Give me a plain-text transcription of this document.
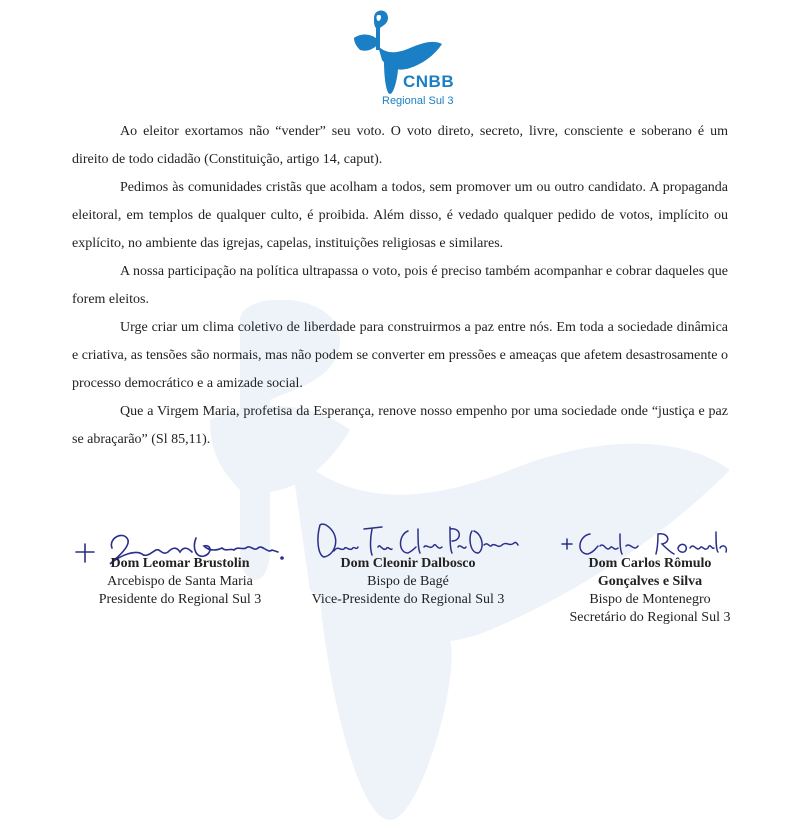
CNBB
Regional Sul 3

Ao eleitor exortamos não “vender” seu voto. O voto direto, secreto, livre, consciente e soberano é um direito de todo cidadão (Constituição, artigo 14, caput).

Pedimos às comunidades cristãs que acolham a todos, sem promover um ou outro candidato. A propaganda eleitoral, em templos de qualquer culto, é proibida. Além disso, é vedado qualquer pedido de votos, implícito ou explícito, no ambiente das igrejas, capelas, instituições religiosas e similares.

A nossa participação na política ultrapassa o voto, pois é preciso também acompanhar e cobrar daqueles que forem eleitos.

Urge criar um clima coletivo de liberdade para construirmos a paz entre nós. Em toda a sociedade dinâmica e criativa, as tensões são normais, mas não podem se converter em pressões e ameaças que afetem desastrosamente o processo democrático e a amizade social.

Que a Virgem Maria, profetisa da Esperança, renove nosso empenho por uma sociedade onde “justiça e paz se abraçarão” (Sl 85,11).

Dom Leomar Brustolin
Arcebispo de Santa Maria
Presidente do Regional Sul 3
Dom Cleonir Dalbosco
Bispo de Bagé
Vice-Presidente do Regional Sul 3
Dom Carlos Rômulo
Gonçalves e Silva
Bispo de Montenegro
Secretário do Regional Sul 3
